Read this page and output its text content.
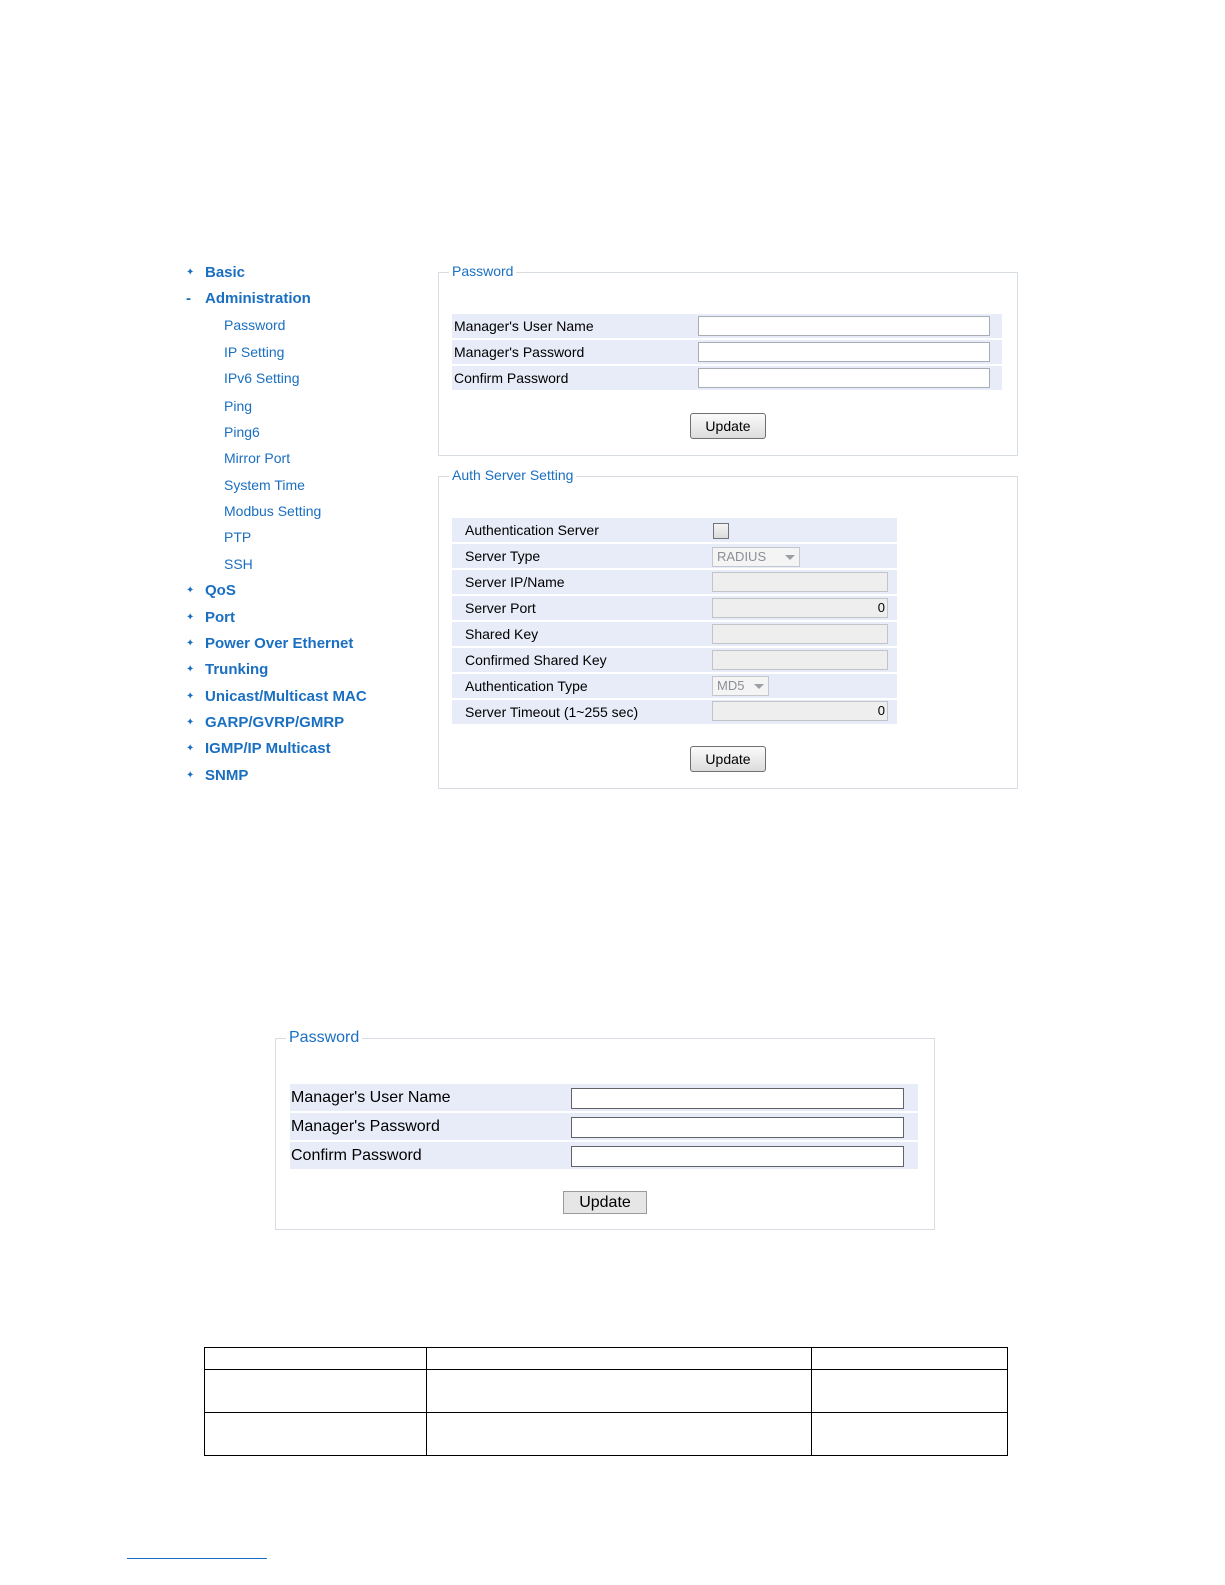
✦ Basic
- Administration
Password
IP Setting
IPv6 Setting
Ping
Ping6
Mirror Port
System Time
Modbus Setting
PTP
SSH
✦ QoS
✦ Port
✦ Power Over Ethernet
✦ Trunking
✦ Unicast/Multicast MAC
✦ GARP/GVRP/GMRP
✦ IGMP/IP Multicast
✦ SNMP
Password
Manager's User Name
Manager's Password
Confirm Password
Update
Auth Server Setting
Authentication Server
Server Type	RADIUS
Server IP/Name
Server Port	0
Shared Key
Confirmed Shared Key
Authentication Type	MD5
Server Timeout (1~255 sec)	0
Update
Password
Manager's User Name
Manager's Password
Confirm Password
Update
